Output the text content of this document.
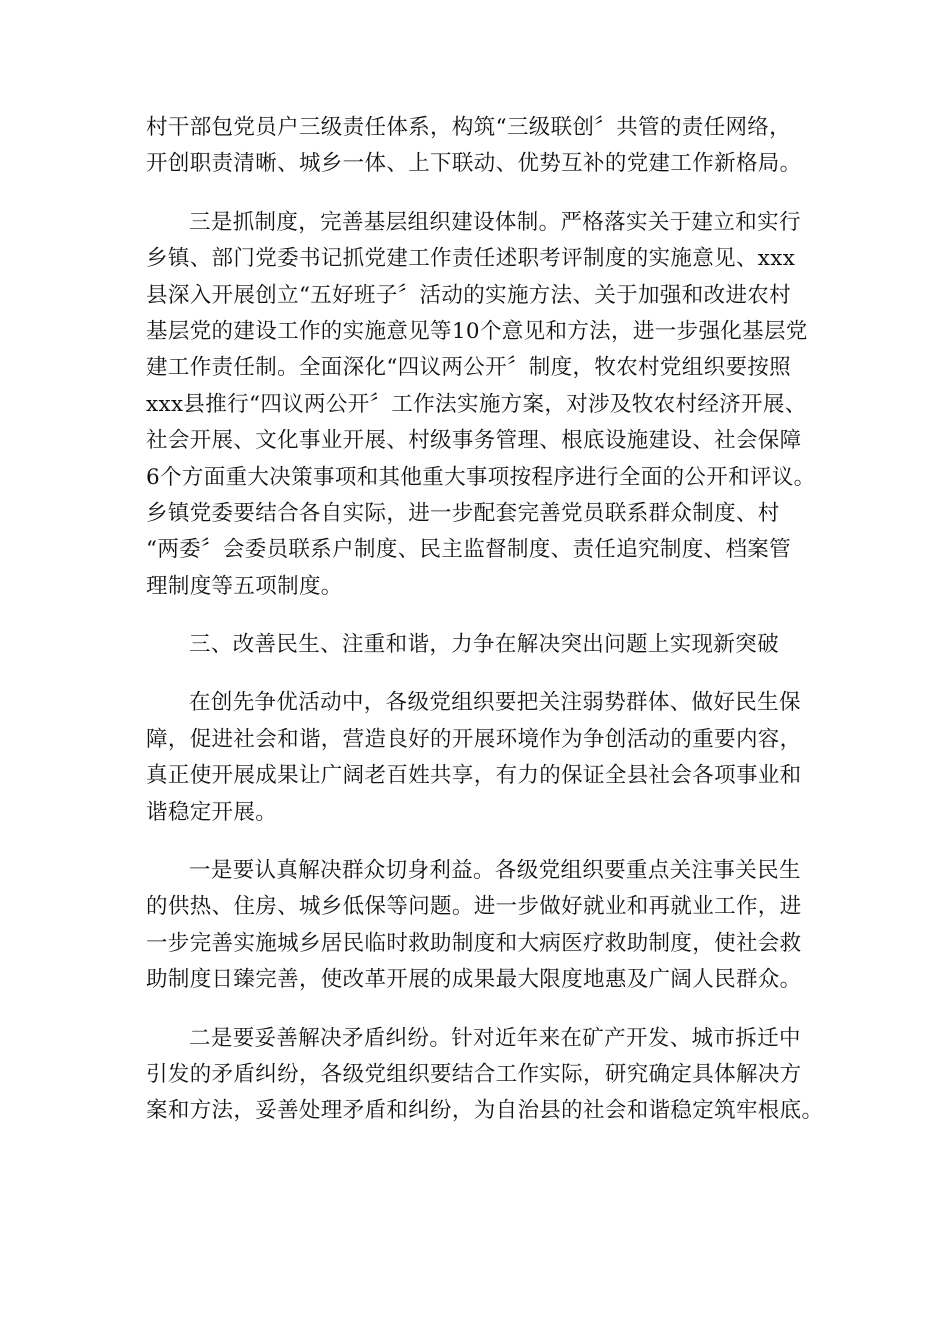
村干部包党员户三级责任体系，构筑“三级联创〞共管的责任网络，
开创职责清晰、城乡一体、上下联动、优势互补的党建工作新格局。

三是抓制度，完善基层组织建设体制。严格落实关于建立和实行
乡镇、部门党委书记抓党建工作责任述职考评制度的实施意见、xxx
县深入开展创立“五好班子〞活动的实施方法、关于加强和改进农村
基层党的建设工作的实施意见等10个意见和方法，进一步强化基层党
建工作责任制。全面深化“四议两公开〞制度，牧农村党组织要按照
xxx县推行“四议两公开〞工作法实施方案，对涉及牧农村经济开展、
社会开展、文化事业开展、村级事务管理、根底设施建设、社会保障
6个方面重大决策事项和其他重大事项按程序进行全面的公开和评议。
乡镇党委要结合各自实际，进一步配套完善党员联系群众制度、村
“两委〞会委员联系户制度、民主监督制度、责任追究制度、档案管
理制度等五项制度。

三、改善民生、注重和谐，力争在解决突出问题上实现新突破

在创先争优活动中，各级党组织要把关注弱势群体、做好民生保
障，促进社会和谐，营造良好的开展环境作为争创活动的重要内容，
真正使开展成果让广阔老百姓共享，有力的保证全县社会各项事业和
谐稳定开展。

一是要认真解决群众切身利益。各级党组织要重点关注事关民生
的供热、住房、城乡低保等问题。进一步做好就业和再就业工作，进
一步完善实施城乡居民临时救助制度和大病医疗救助制度，使社会救
助制度日臻完善，使改革开展的成果最大限度地惠及广阔人民群众。

二是要妥善解决矛盾纠纷。针对近年来在矿产开发、城市拆迁中
引发的矛盾纠纷，各级党组织要结合工作实际，研究确定具体解决方
案和方法，妥善处理矛盾和纠纷，为自治县的社会和谐稳定筑牢根底。
